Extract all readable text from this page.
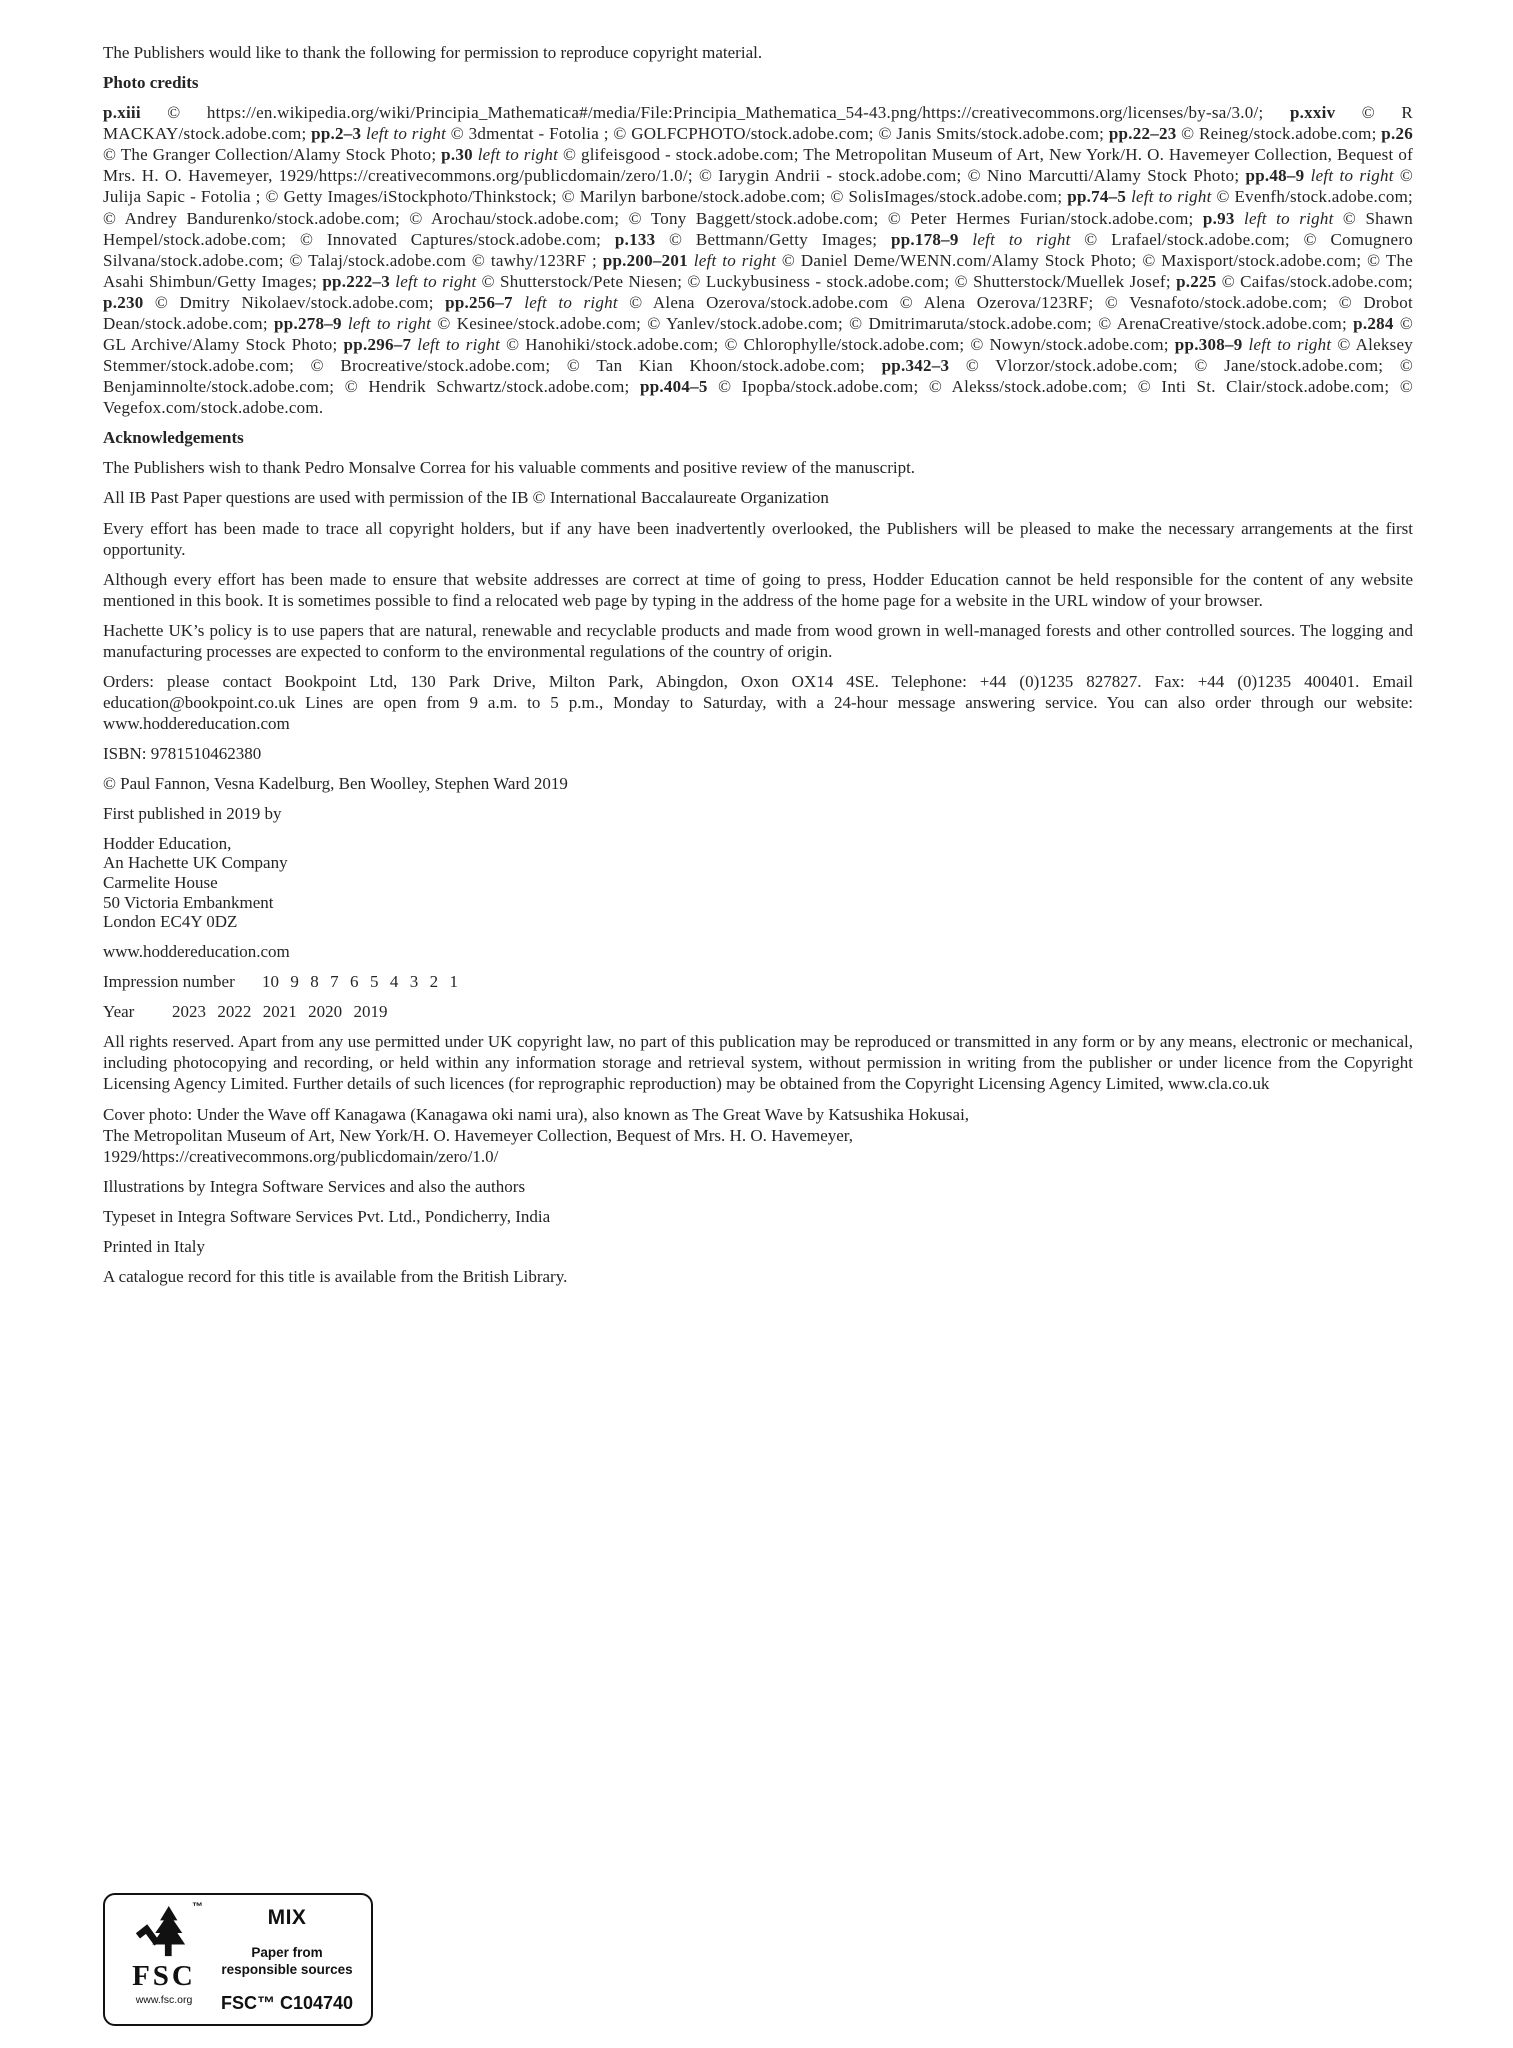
The Publishers would like to thank the following for permission to reproduce copyright material.

Photo credits

p.xiii © https://en.wikipedia.org/wiki/Principia_Mathematica#/media/File:Principia_Mathematica_54-43.png/https://creativecommons.org/licenses/by-sa/3.0/; p.xxiv © R MACKAY/stock.adobe.com; pp.2–3 left to right © 3dmentat - Fotolia ; © GOLFCPHOTO/stock.adobe.com; © Janis Smits/stock.adobe.com; pp.22–23 © Reineg/stock.adobe.com; p.26 © The Granger Collection/Alamy Stock Photo; p.30 left to right © glifeisgood - stock.adobe.com; The Metropolitan Museum of Art, New York/H. O. Havemeyer Collection, Bequest of Mrs. H. O. Havemeyer, 1929/https://creativecommons.org/publicdomain/zero/1.0/; © Iarygin Andrii - stock.adobe.com; © Nino Marcutti/Alamy Stock Photo; pp.48–9 left to right © Julija Sapic - Fotolia ; © Getty Images/iStockphoto/Thinkstock; © Marilyn barbone/stock.adobe.com; © SolisImages/stock.adobe.com; pp.74–5 left to right © Evenfh/stock.adobe.com; © Andrey Bandurenko/stock.adobe.com; © Arochau/stock.adobe.com; © Tony Baggett/stock.adobe.com; © Peter Hermes Furian/stock.adobe.com; p.93 left to right © Shawn Hempel/stock.adobe.com; © Innovated Captures/stock.adobe.com; p.133 © Bettmann/Getty Images; pp.178–9 left to right © Lrafael/stock.adobe.com; © Comugnero Silvana/stock.adobe.com; © Talaj/stock.adobe.com © tawhy/123RF ; pp.200–201 left to right © Daniel Deme/WENN.com/Alamy Stock Photo; © Maxisport/stock.adobe.com; © The Asahi Shimbun/Getty Images; pp.222–3 left to right © Shutterstock/Pete Niesen; © Luckybusiness - stock.adobe.com; © Shutterstock/Muellek Josef; p.225 © Caifas/stock.adobe.com; p.230 © Dmitry Nikolaev/stock.adobe.com; pp.256–7 left to right © Alena Ozerova/stock.adobe.com © Alena Ozerova/123RF; © Vesnafoto/stock.adobe.com; © Drobot Dean/stock.adobe.com; pp.278–9 left to right © Kesinee/stock.adobe.com; © Yanlev/stock.adobe.com; © Dmitrimaruta/stock.adobe.com; © ArenaCreative/stock.adobe.com; p.284 © GL Archive/Alamy Stock Photo; pp.296–7 left to right © Hanohiki/stock.adobe.com; © Chlorophylle/stock.adobe.com; © Nowyn/stock.adobe.com; pp.308–9 left to right © Aleksey Stemmer/stock.adobe.com; © Brocreative/stock.adobe.com; © Tan Kian Khoon/stock.adobe.com; pp.342–3 © Vlorzor/stock.adobe.com; © Jane/stock.adobe.com; © Benjaminnolte/stock.adobe.com; © Hendrik Schwartz/stock.adobe.com; pp.404–5 © Ipopba/stock.adobe.com; © Alekss/stock.adobe.com; © Inti St. Clair/stock.adobe.com; © Vegefox.com/stock.adobe.com.

Acknowledgements

The Publishers wish to thank Pedro Monsalve Correa for his valuable comments and positive review of the manuscript.

All IB Past Paper questions are used with permission of the IB © International Baccalaureate Organization

Every effort has been made to trace all copyright holders, but if any have been inadvertently overlooked, the Publishers will be pleased to make the necessary arrangements at the first opportunity.

Although every effort has been made to ensure that website addresses are correct at time of going to press, Hodder Education cannot be held responsible for the content of any website mentioned in this book. It is sometimes possible to find a relocated web page by typing in the address of the home page for a website in the URL window of your browser.

Hachette UK’s policy is to use papers that are natural, renewable and recyclable products and made from wood grown in well-managed forests and other controlled sources. The logging and manufacturing processes are expected to conform to the environmental regulations of the country of origin.

Orders: please contact Bookpoint Ltd, 130 Park Drive, Milton Park, Abingdon, Oxon OX14 4SE. Telephone: +44 (0)1235 827827. Fax: +44 (0)1235 400401. Email education@bookpoint.co.uk Lines are open from 9 a.m. to 5 p.m., Monday to Saturday, with a 24-hour message answering service. You can also order through our website: www.hoddereducation.com

ISBN: 9781510462380

© Paul Fannon, Vesna Kadelburg, Ben Woolley, Stephen Ward 2019

First published in 2019 by

Hodder Education,
An Hachette UK Company
Carmelite House
50 Victoria Embankment
London EC4Y 0DZ

www.hoddereducation.com

Impression number	10 9 8 7 6 5 4 3 2 1
Year	2023 2022 2021 2020 2019

All rights reserved. Apart from any use permitted under UK copyright law, no part of this publication may be reproduced or transmitted in any form or by any means, electronic or mechanical, including photocopying and recording, or held within any information storage and retrieval system, without permission in writing from the publisher or under licence from the Copyright Licensing Agency Limited. Further details of such licences (for reprographic reproduction) may be obtained from the Copyright Licensing Agency Limited, www.cla.co.uk

Cover photo: Under the Wave off Kanagawa (Kanagawa oki nami ura), also known as The Great Wave by Katsushika Hokusai,
The Metropolitan Museum of Art, New York/H. O. Havemeyer Collection, Bequest of Mrs. H. O. Havemeyer,
1929/https://creativecommons.org/publicdomain/zero/1.0/

Illustrations by Integra Software Services and also the authors

Typeset in Integra Software Services Pvt. Ltd., Pondicherry, India

Printed in Italy

A catalogue record for this title is available from the British Library.

™
FSC
www.fsc.org
MIX
Paper from
responsible sources
FSC™ C104740
